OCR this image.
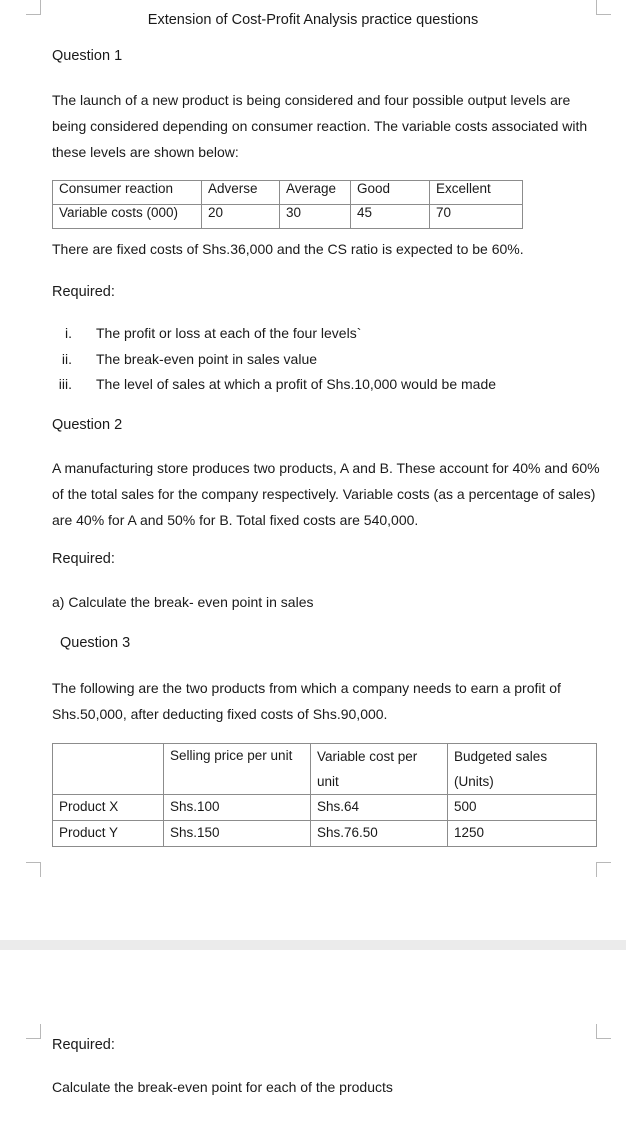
Extension of Cost-Profit Analysis practice questions
Question 1
The launch of a new product is being considered and four possible output levels are being considered depending on consumer reaction. The variable costs associated with these levels are shown below:
Consumer reaction	Adverse	Average	Good	Excellent
Variable costs (000)	20	30	45	70
There are fixed costs of Shs.36,000 and the CS ratio is expected to be 60%.
Required:
i. The profit or loss at each of the four levels`
ii. The break-even point in sales value
iii. The level of sales at which a profit of Shs.10,000 would be made
Question 2
A manufacturing store produces two products, A and B. These account for 40% and 60% of the total sales for the company respectively. Variable costs (as a percentage of sales) are 40% for A and 50% for B. Total fixed costs are 540,000.
Required:
a) Calculate the break- even point in sales
Question 3
The following are the two products from which a company needs to earn a profit of Shs.50,000, after deducting fixed costs of Shs.90,000.
	Selling price per unit	Variable cost per unit	Budgeted sales (Units)
Product X	Shs.100	Shs.64	500
Product Y	Shs.150	Shs.76.50	1250
Required:
Calculate the break-even point for each of the products
